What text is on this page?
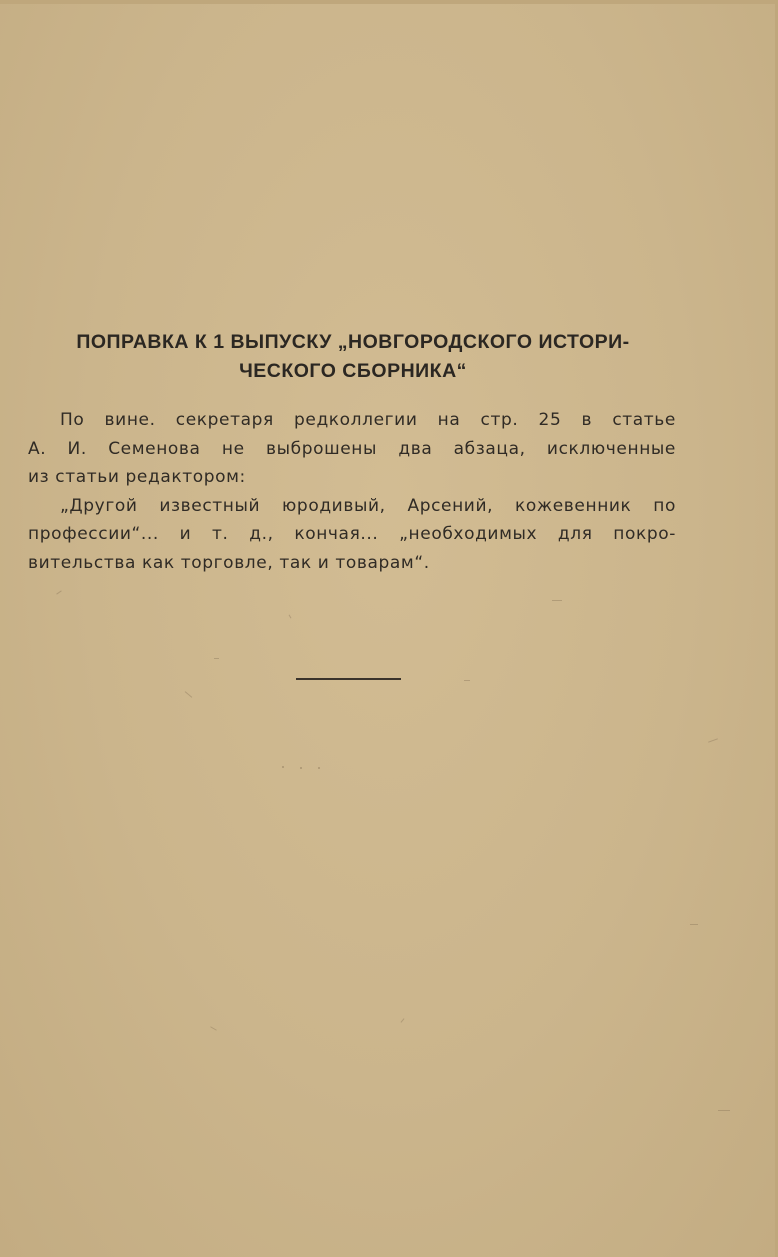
ПОПРАВКА К 1 ВЫПУСКУ „НОВГОРОДСКОГО ИСТОРИ-
ЧЕСКОГО СБОРНИКА“
По вине. секретаря редколлегии на стр. 25 в статье
А. И. Семенова не выброшены два абзаца, исключенные
из статьи редактором:
„Другой известный юродивый, Арсений, кожевенник по
профессии“... и т. д., кончая... „необходимых для покро-
вительства как торговле, так и товарам“.
